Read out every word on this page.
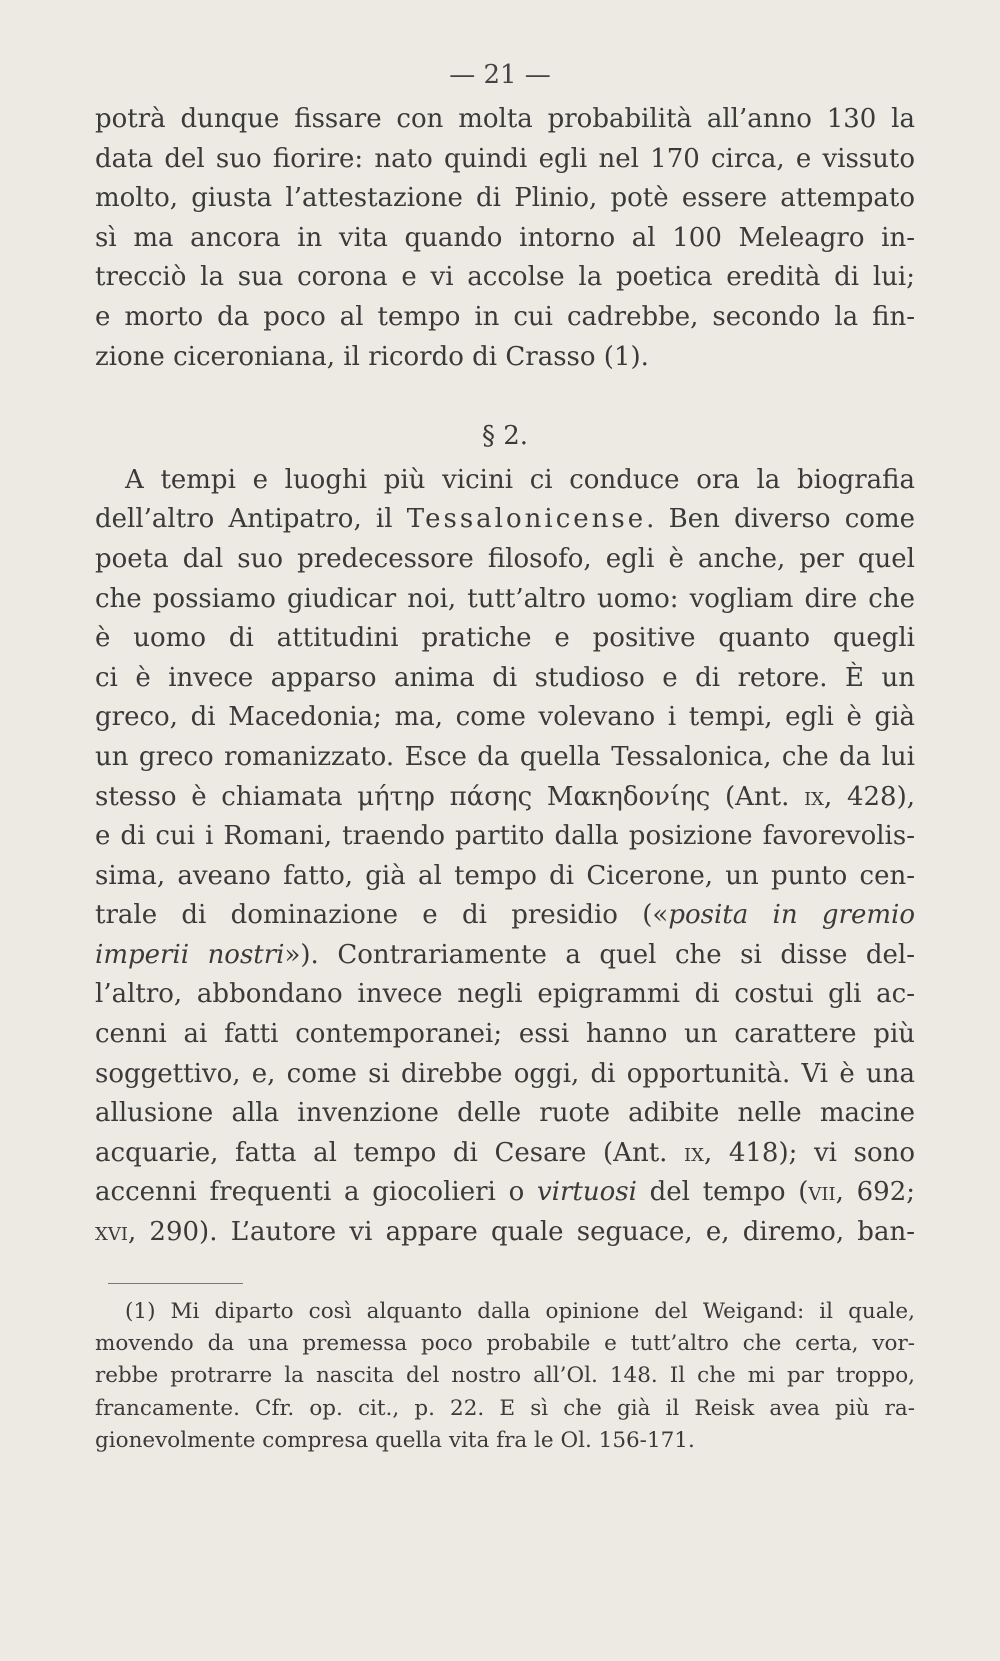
— 21 —
potrà dunque fissare con molta probabilità all’anno 130 la
data del suo fiorire: nato quindi egli nel 170 circa, e vissuto
molto, giusta l’attestazione di Plinio, potè essere attempato
sì ma ancora in vita quando intorno al 100 Meleagro in-
trecciò la sua corona e vi accolse la poetica eredità di lui;
e morto da poco al tempo in cui cadrebbe, secondo la fin-
zione ciceroniana, il ricordo di Crasso (1).
§ 2.
A tempi e luoghi più vicini ci conduce ora la biografia
dell’altro Antipatro, il Tessalonicense. Ben diverso come
poeta dal suo predecessore filosofo, egli è anche, per quel
che possiamo giudicar noi, tutt’altro uomo: vogliam dire che
è uomo di attitudini pratiche e positive quanto quegli
ci è invece apparso anima di studioso e di retore. È un
greco, di Macedonia; ma, come volevano i tempi, egli è già
un greco romanizzato. Esce da quella Tessalonica, che da lui
stesso è chiamata μήτηρ πάσης Μακηδονίης (Ant. ix, 428),
e di cui i Romani, traendo partito dalla posizione favorevolis-
sima, aveano fatto, già al tempo di Cicerone, un punto cen-
trale di dominazione e di presidio («posita in gremio
imperii nostri»). Contrariamente a quel che si disse del-
l’altro, abbondano invece negli epigrammi di costui gli ac-
cenni ai fatti contemporanei; essi hanno un carattere più
soggettivo, e, come si direbbe oggi, di opportunità. Vi è una
allusione alla invenzione delle ruote adibite nelle macine
acquarie, fatta al tempo di Cesare (Ant. ix, 418); vi sono
accenni frequenti a giocolieri o virtuosi del tempo (vii, 692;
xvi, 290). L’autore vi appare quale seguace, e, diremo, ban-
(1) Mi diparto così alquanto dalla opinione del Weigand: il quale,
movendo da una premessa poco probabile e tutt’altro che certa, vor-
rebbe protrarre la nascita del nostro all’Ol. 148. Il che mi par troppo,
francamente. Cfr. op. cit., p. 22. E sì che già il Reisk avea più ra-
gionevolmente compresa quella vita fra le Ol. 156-171.
